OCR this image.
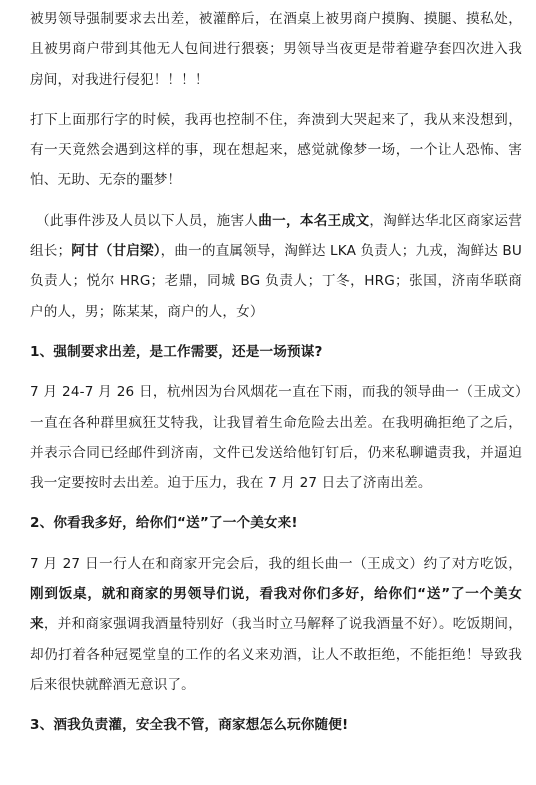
被男领导强制要求去出差，被灌醉后，在酒桌上被男商户摸胸、摸腿、摸私处，且被男商户带到其他无人包间进行猥亵；男领导当夜更是带着避孕套四次进入我房间，对我进行侵犯！！！！

打下上面那行字的时候，我再也控制不住，奔溃到大哭起来了，我从来没想到，有一天竟然会遇到这样的事，现在想起来，感觉就像梦一场，一个让人恐怖、害怕、无助、无奈的噩梦！

（此事件涉及人员以下人员，施害人曲一，本名王成文，淘鲜达华北区商家运营组长；阿甘（甘启梁），曲一的直属领导，淘鲜达 LKA 负责人；九戎，淘鲜达 BU 负责人；悦尔 HRG；老鼎，同城 BG 负责人；丁冬，HRG；张国，济南华联商户的人，男；陈某某，商户的人，女）

1、强制要求出差，是工作需要，还是一场预谋?

7 月 24-7 月 26 日，杭州因为台风烟花一直在下雨，而我的领导曲一（王成文）一直在各种群里疯狂艾特我，让我冒着生命危险去出差。在我明确拒绝了之后，并表示合同已经邮件到济南，文件已发送给他钉钉后，仍来私聊谴责我，并逼迫我一定要按时去出差。迫于压力，我在 7 月 27 日去了济南出差。

2、你看我多好，给你们“送”了一个美女来!

7 月 27 日一行人在和商家开完会后，我的组长曲一（王成文）约了对方吃饭，刚到饭桌，就和商家的男领导们说，看我对你们多好，给你们“送”了一个美女来，并和商家强调我酒量特别好（我当时立马解释了说我酒量不好）。吃饭期间，却仍打着各种冠冕堂皇的工作的名义来劝酒，让人不敢拒绝，不能拒绝！导致我后来很快就醉酒无意识了。

3、酒我负责灌，安全我不管，商家想怎么玩你随便!
